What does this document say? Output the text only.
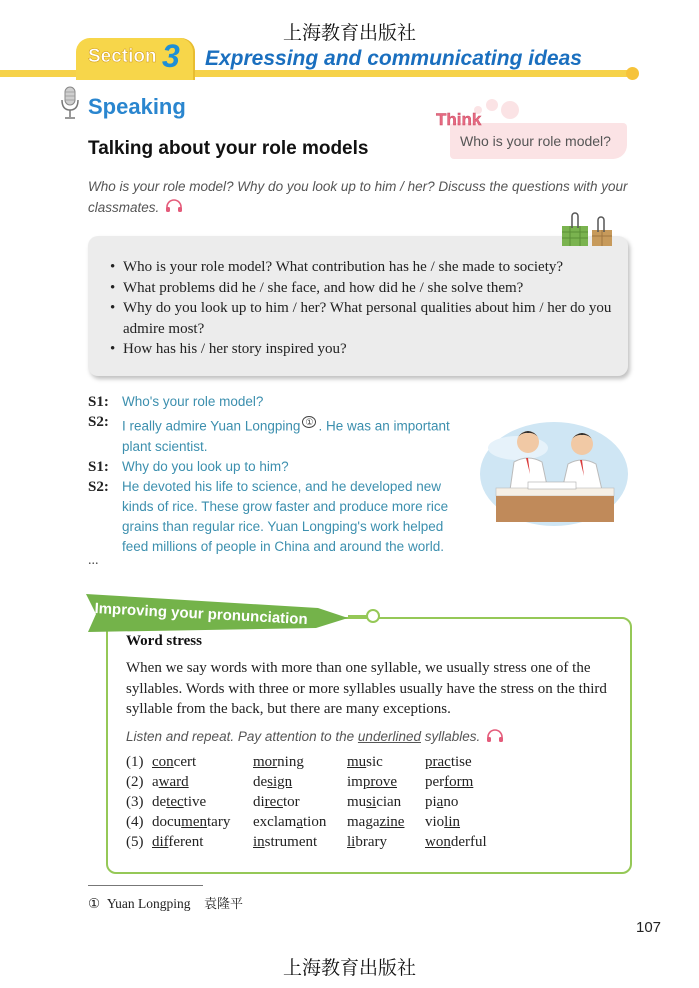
上海教育出版社
Section 3 Expressing and communicating ideas
Speaking
Talking about your role models
Think
Who is your role model?
Who is your role model? Why do you look up to him / her? Discuss the questions with your classmates.
• Who is your role model? What contribution has he / she made to society?
• What problems did he / she face, and how did he / she solve them?
• Why do you look up to him / her? What personal qualities about him / her do you admire most?
• How has his / her story inspired you?
S1: Who's your role model?
S2: I really admire Yuan Longping ① . He was an important plant scientist.
S1: Why do you look up to him?
S2: He devoted his life to science, and he developed new kinds of rice. These grow faster and produce more rice grains than regular rice. Yuan Longping's work helped feed millions of people in China and around the world.
...
Improving your pronunciation
Word stress
When we say words with more than one syllable, we usually stress one of the syllables. Words with three or more syllables usually have the stress on the third syllable from the back, but there are many exceptions.
Listen and repeat. Pay attention to the underlined syllables.
(1) concert	morning	music	practise
(2) award	design	improve	perform
(3) detective	director	musician	piano
(4) documentary	exclamation	magazine	violin
(5) different	instrument	library	wonderful
① Yuan Longping 袁隆平
107
上海教育出版社
